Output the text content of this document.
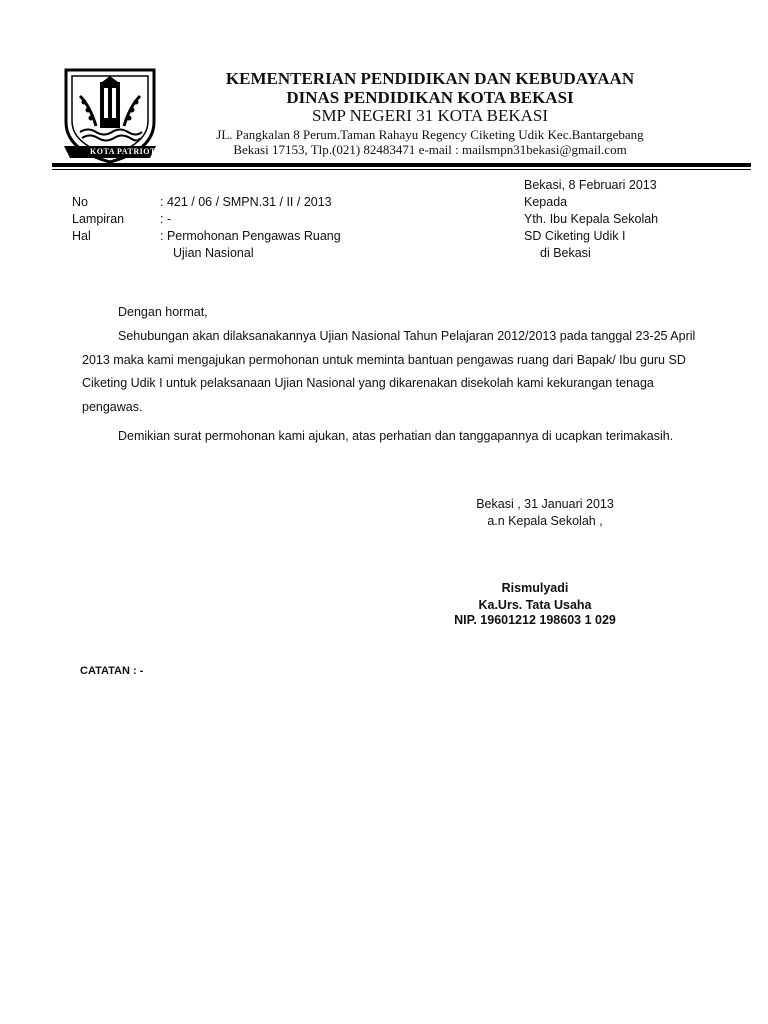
KOTA PATRIOT
KEMENTERIAN PENDIDIKAN DAN KEBUDAYAAN
DINAS PENDIDIKAN KOTA BEKASI
SMP NEGERI 31 KOTA BEKASI
JL. Pangkalan 8 Perum.Taman Rahayu Regency Ciketing Udik Kec.Bantargebang
Bekasi 17153, Tlp.(021) 82483471 e-mail : mailsmpn31bekasi@gmail.com
Bekasi, 8 Februari 2013
Kepada
Yth. Ibu Kepala Sekolah
SD Ciketing Udik I
di Bekasi
No	: 421 / 06 / SMPN.31 / II / 2013
Lampiran	: -
Hal	: Permohonan Pengawas Ruang
Ujian Nasional
Dengan hormat,
Sehubungan akan dilaksanakannya Ujian Nasional Tahun Pelajaran 2012/2013 pada tanggal 23-25 April 2013 maka kami mengajukan permohonan untuk meminta bantuan pengawas ruang dari Bapak/ Ibu guru SD Ciketing Udik I untuk pelaksanaan Ujian Nasional yang dikarenakan disekolah kami kekurangan tenaga pengawas.
Demikian surat permohonan kami ajukan, atas perhatian dan tanggapannya di ucapkan terimakasih.
Bekasi , 31 Januari 2013
a.n Kepala Sekolah ,
Rismulyadi
Ka.Urs. Tata Usaha
NIP. 19601212 198603 1 029
CATATAN : -
